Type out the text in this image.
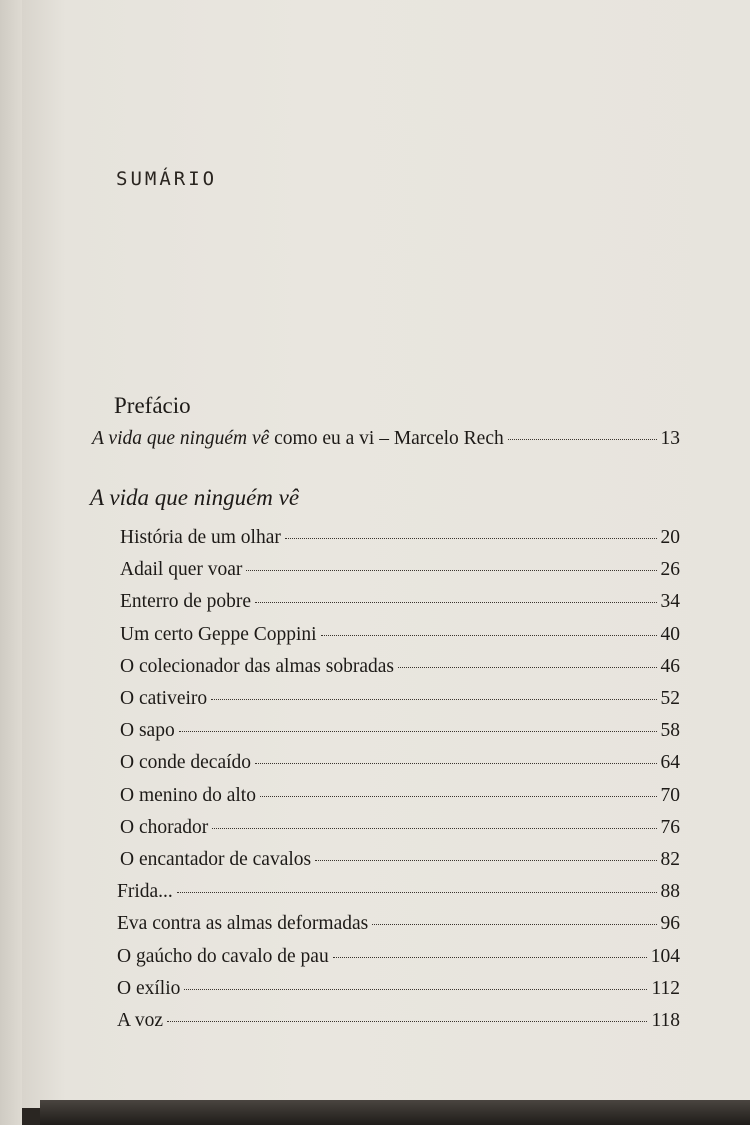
SUMÁRIO
Prefácio
A vida que ninguém vê como eu a vi – Marcelo Rech	13
A vida que ninguém vê
História de um olhar	20
Adail quer voar	26
Enterro de pobre	34
Um certo Geppe Coppini	40
O colecionador das almas sobradas	46
O cativeiro	52
O sapo	58
O conde decaído	64
O menino do alto	70
O chorador	76
O encantador de cavalos	82
Frida...	88
Eva contra as almas deformadas	96
O gaúcho do cavalo de pau	104
O exílio	112
A voz	118
